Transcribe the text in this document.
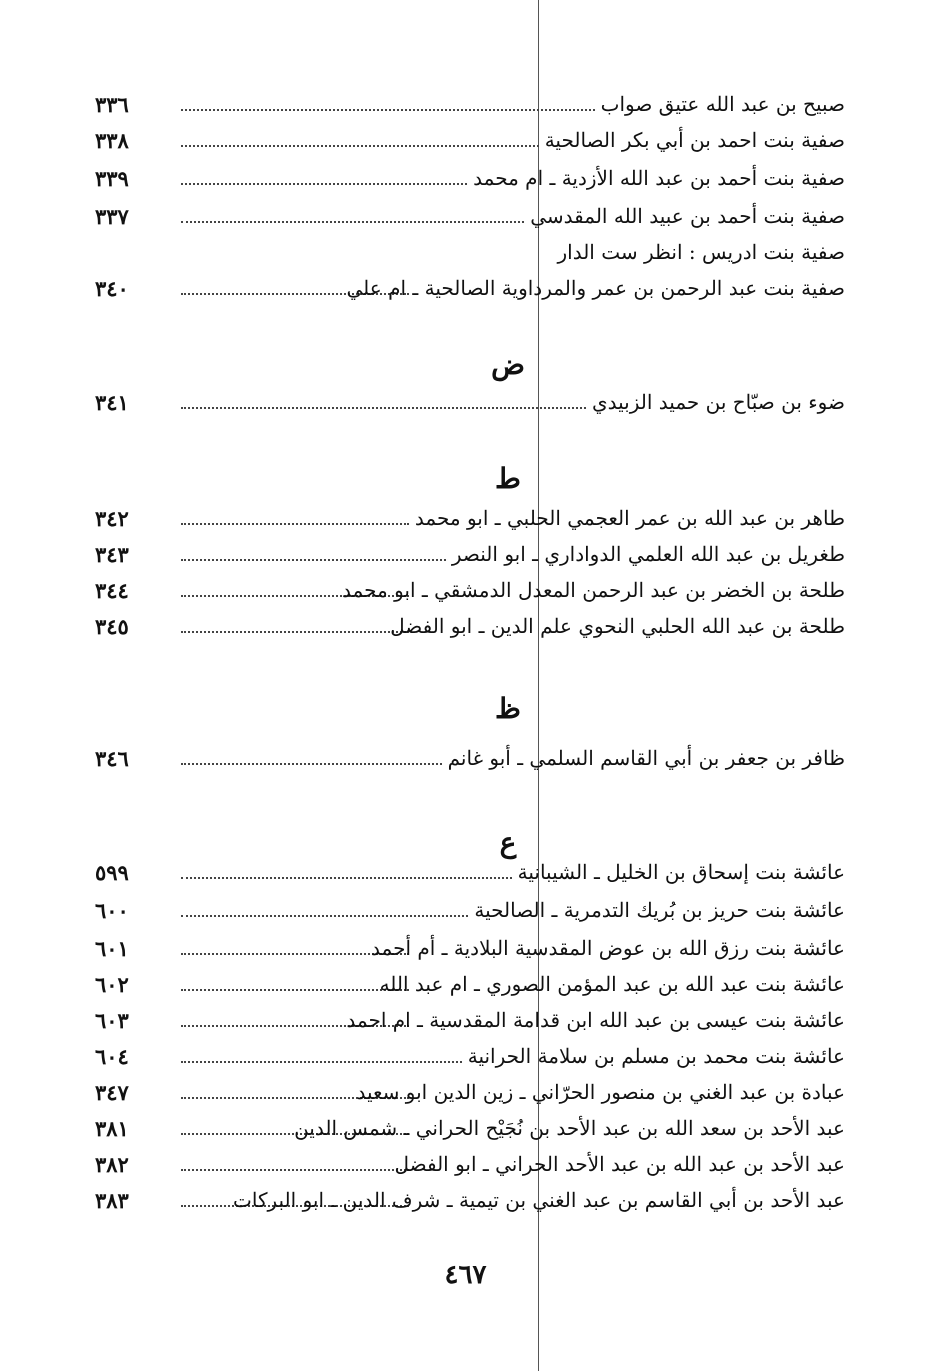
٣٣٦	صبيح بن عبد الله عتيق صواب
٣٣٨	صفية بنت احمد بن أبي بكر الصالحية
٣٣٩	صفية بنت أحمد بن عبد الله الأزدية ـ ام محمد
٣٣٧	صفية بنت أحمد بن عبيد الله المقدسي
صفية بنت ادريس : انظر ست الدار
٣٤٠	صفية بنت عبد الرحمن بن عمر والمرداوية الصالحية ـ ام علي
٣٤١	ضوء بن صبّاح بن حميد الزبيدي
٣٤٢	طاهر بن عبد الله بن عمر العجمي الحلبي ـ ابو محمد
٣٤٣	طغريل بن عبد الله العلمي الدواداري ـ ابو النصر
٣٤٤	طلحة بن الخضر بن عبد الرحمن المعدل الدمشقي ـ ابو محمد
٣٤٥	طلحة بن عبد الله الحلبي النحوي علم الدين ـ ابو الفضل
٣٤٦	ظافر بن جعفر بن أبي القاسم السلمي ـ أبو غانم
٥٩٩	عائشة بنت إسحاق بن الخليل ـ الشيبانية
٦٠٠	عائشة بنت حريز بن بُريك التدمرية ـ الصالحية
٦٠١	عائشة بنت رزق الله بن عوض المقدسية البلادية ـ أم أحمد
٦٠٢	عائشة بنت عبد الله بن عبد المؤمن الصوري ـ ام عبد الله
٦٠٣	عائشة بنت عيسى بن عبد الله ابن قدامة المقدسية ـ ام احمد
٦٠٤	عائشة بنت محمد بن مسلم بن سلامة الحرانية
٣٤٧	عبادة بن عبد الغني بن منصور الحرّاني ـ زين الدين ابو سعيد
٣٨١	عبد الأحد بن سعد الله بن عبد الأحد بن نُجَيْح الحراني ـ شمس الدين
٣٨٢	عبد الأحد بن عبد الله بن عبد الأحد الحراني ـ ابو الفضل
٣٨٣	عبد الأحد بن أبي القاسم بن عبد الغني بن تيمية ـ شرف الدين ـ ابو البركات
ض
ط
ظ
ع
٤٦٧
